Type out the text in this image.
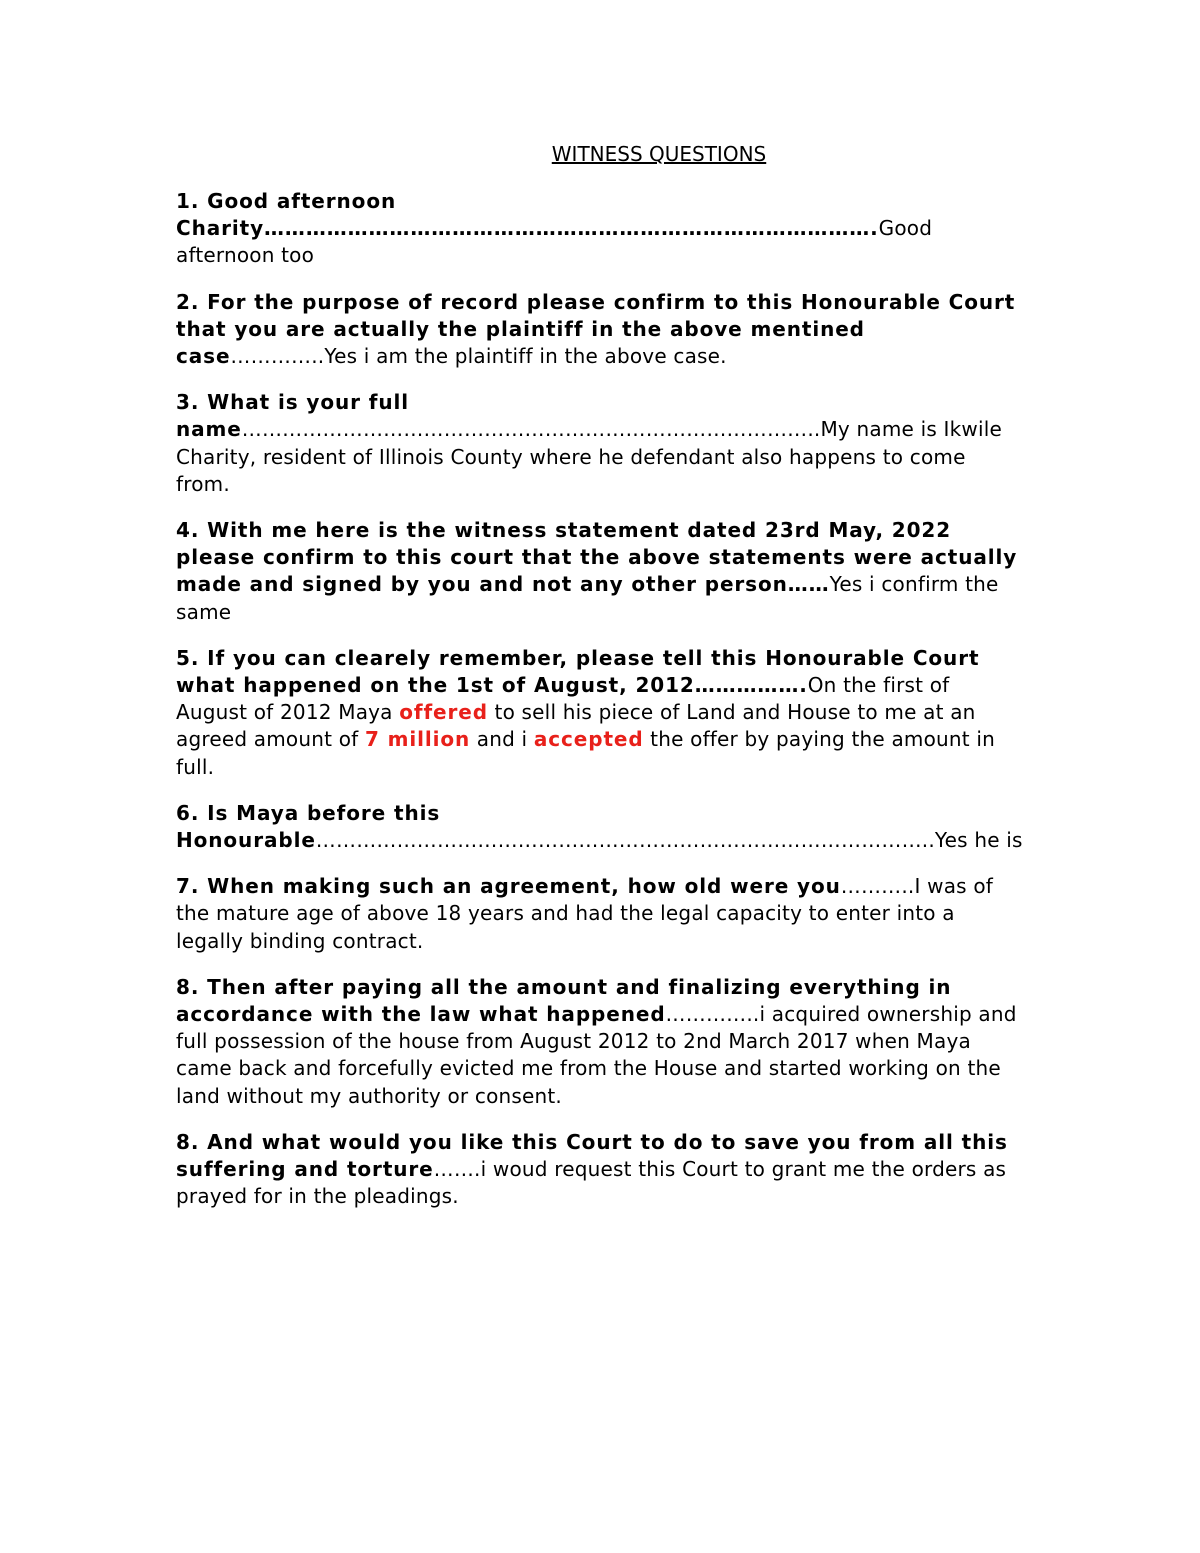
WITNESS QUESTIONS

1. Good afternoon Charity…………………………………………………………………………….Good afternoon too

2. For the purpose of record please confirm to this Honourable Court that you are actually the plaintiff in the above mentined case…………..Yes i am the plaintiff in the above case.

3. What is your full name…………………………………………………………………………..My name is Ikwile Charity, resident of Illinois County where he defendant also happens to come from.

4. With me here is the witness statement dated 23rd May, 2022 please confirm to this court that the above statements were actually made and signed by you and not any other person……Yes i confirm the same

5. If you can clearely remember, please tell this Honourable Court what happened on the 1st of August, 2012…………….On the first of August of 2012 Maya offered to sell his piece of Land and House to me at an agreed amount of 7 million and i accepted the offer by paying the amount in full.

6. Is Maya before this Honourable………………………………………………………………………………..Yes he is

7. When making such an agreement, how old were you………..I was of the mature age of above 18 years and had the legal capacity to enter into a legally binding contract.

8. Then after paying all the amount and finalizing everything in accordance with the law what happened…………..i acquired ownership and full possession of the house from August 2012 to 2nd March 2017 when Maya came back and forcefully evicted me from the House and started working on the land without my authority or consent.

8. And what would you like this Court to do to save you from all this suffering and torture…….i woud request this Court to grant me the orders as prayed for in the pleadings.
